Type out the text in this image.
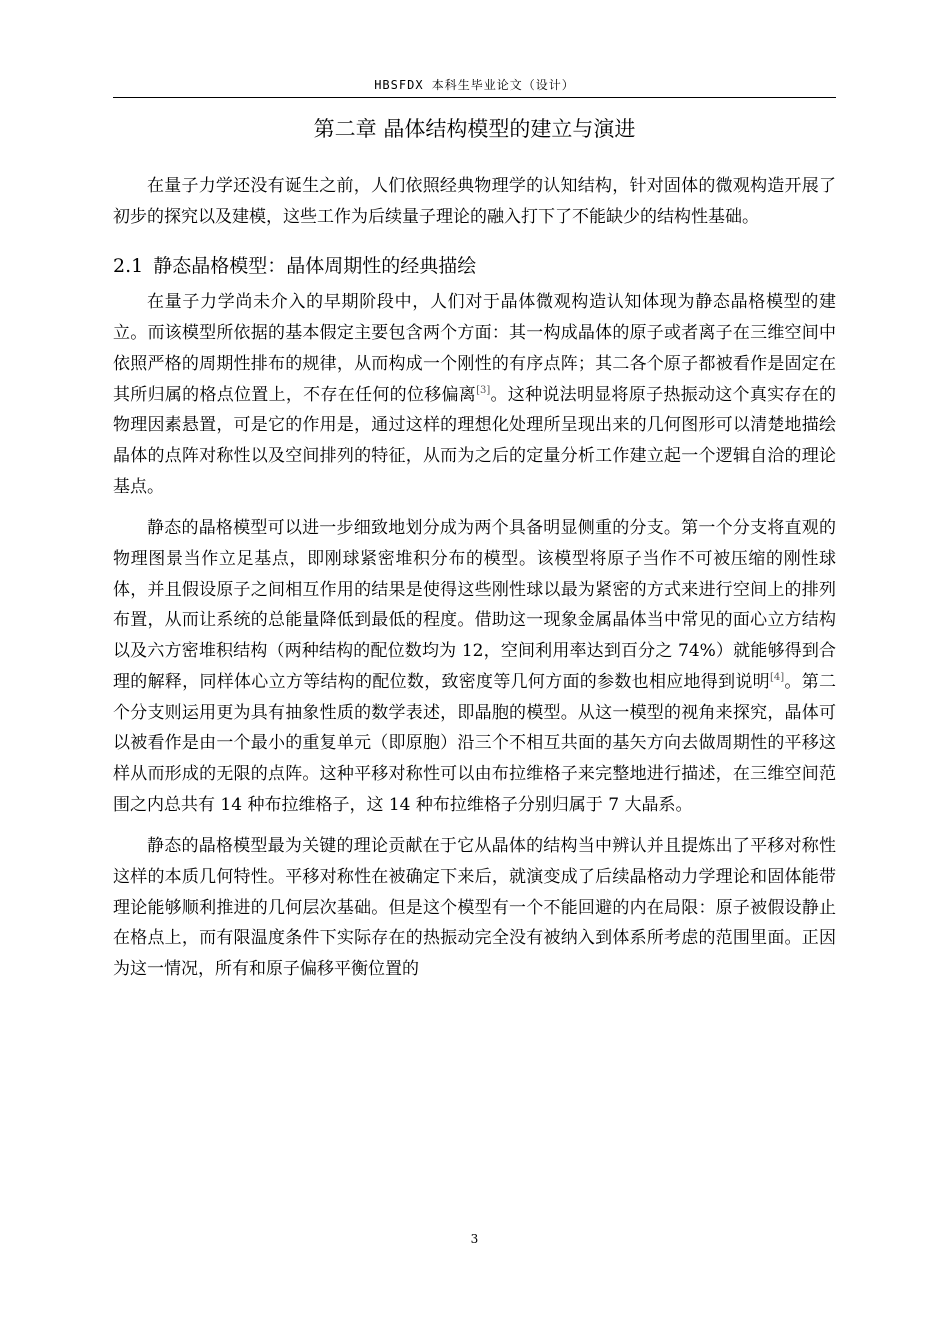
HBSFDX 本科生毕业论文（设计）
第二章 晶体结构模型的建立与演进

在量子力学还没有诞生之前，人们依照经典物理学的认知结构，针对固体的微观构造开展了初步的探究以及建模，这些工作为后续量子理论的融入打下了不能缺少的结构性基础。

2.1 静态晶格模型：晶体周期性的经典描绘

在量子力学尚未介入的早期阶段中，人们对于晶体微观构造认知体现为静态晶格模型的建立。而该模型所依据的基本假定主要包含两个方面：其一构成晶体的原子或者离子在三维空间中依照严格的周期性排布的规律，从而构成一个刚性的有序点阵；其二各个原子都被看作是固定在其所归属的格点位置上，不存在任何的位移偏离[3]。这种说法明显将原子热振动这个真实存在的物理因素悬置，可是它的作用是，通过这样的理想化处理所呈现出来的几何图形可以清楚地描绘晶体的点阵对称性以及空间排列的特征，从而为之后的定量分析工作建立起一个逻辑自洽的理论基点。

静态的晶格模型可以进一步细致地划分成为两个具备明显侧重的分支。第一个分支将直观的物理图景当作立足基点，即刚球紧密堆积分布的模型。该模型将原子当作不可被压缩的刚性球体，并且假设原子之间相互作用的结果是使得这些刚性球以最为紧密的方式来进行空间上的排列布置，从而让系统的总能量降低到最低的程度。借助这一现象金属晶体当中常见的面心立方结构以及六方密堆积结构（两种结构的配位数均为 12，空间利用率达到百分之 74%）就能够得到合理的解释，同样体心立方等结构的配位数，致密度等几何方面的参数也相应地得到说明[4]。第二个分支则运用更为具有抽象性质的数学表述，即晶胞的模型。从这一模型的视角来探究，晶体可以被看作是由一个最小的重复单元（即原胞）沿三个不相互共面的基矢方向去做周期性的平移这样从而形成的无限的点阵。这种平移对称性可以由布拉维格子来完整地进行描述，在三维空间范围之内总共有 14 种布拉维格子，这 14 种布拉维格子分别归属于 7 大晶系。

静态的晶格模型最为关键的理论贡献在于它从晶体的结构当中辨认并且提炼出了平移对称性这样的本质几何特性。平移对称性在被确定下来后，就演变成了后续晶格动力学理论和固体能带理论能够顺利推进的几何层次基础。但是这个模型有一个不能回避的内在局限：原子被假设静止在格点上，而有限温度条件下实际存在的热振动完全没有被纳入到体系所考虑的范围里面。正因为这一情况，所有和原子偏移平衡位置的

3
